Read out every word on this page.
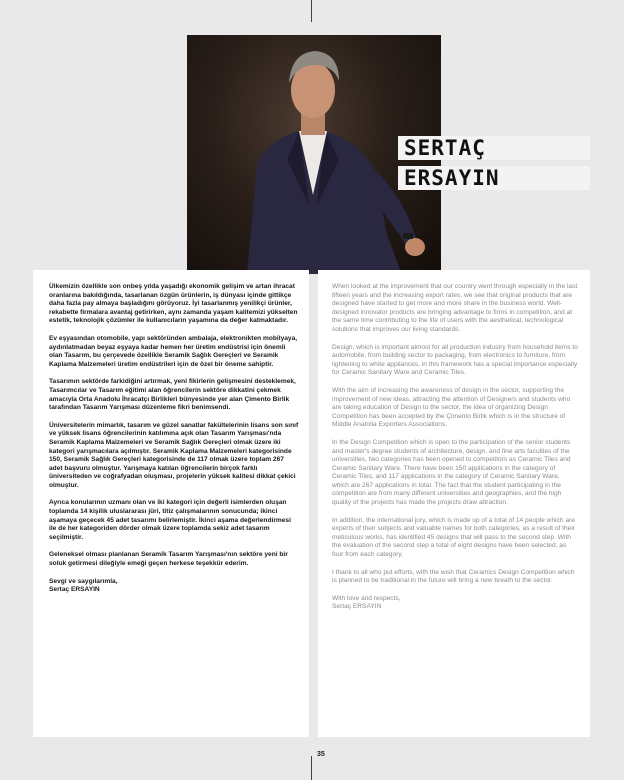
SERTAÇ
ERSAYIN

Ülkemizin özellikle son onbeş yılda yaşadığı ekonomik gelişim ve artan ihracat oranlarına bakıldığında, tasarlanan özgün ürünlerin, iş dünyası içinde gittikçe daha fazla pay almaya başladığını görüyoruz. İyi tasarlanmış yenilikçi ürünler, rekabette firmalara avantaj getirirken, aynı zamanda yaşam kalitemizi yükselten estetik, teknolojik çözümler ile kullanıcıların yaşamına da değer katmaktadır.

Ev eşyasından otomobile, yapı sektöründen ambalaja, elektronikten mobilyaya, aydınlatmadan beyaz eşyaya kadar hemen her üretim endüstrisi için önemli olan Tasarım, bu çerçevede özellikle Seramik Sağlık Gereçleri ve Seramik Kaplama Malzemeleri üretim endüstrileri için de özel bir öneme sahiptir.

Tasarımın sektörde farkidiğini artırmak, yeni fikirlerin gelişmesini desteklemek, Tasarımcılar ve Tasarım eğitimi alan öğrencilerin sektöre dikkatini çekmek amacıyla Orta Anadolu İhracatçı Birlikleri bünyesinde yer alan Çimento Birlik tarafından Tasarım Yarışması düzenleme fikri benimsendi.

Üniversitelerin mimarlık, tasarım ve güzel sanatlar fakültelerinin lisans son sınıf ve yüksek lisans öğrencilerinin katılımına açık olan Tasarım Yarışması'nda Seramik Kaplama Malzemeleri ve Seramik Sağlık Gereçleri olmak üzere iki kategori yarışmacılara açılmıştır. Seramik Kaplama Malzemeleri kategorisinde 150, Seramik Sağlık Gereçleri kategorisinde de 117 olmak üzere toplam 267 adet başvuru olmuştur. Yarışmaya katılan öğrencilerin birçok farklı üniversiteden ve coğrafyadan oluşması, projelerin yüksek kalitesi dikkat çekici olmuştur.

Ayrıca konularının uzmanı olan ve iki kategori için değerli isimlerden oluşan toplamda 14 kişilik uluslararası jüri, titiz çalışmalarının sonucunda; ikinci aşamaya geçecek 45 adet tasarımı belirlemiştir. İkinci aşama değerlendirmesi ile de her kategoriden dörder olmak üzere toplamda sekiz adet tasarım seçilmiştir.

Geleneksel olması planlanan Seramik Tasarım Yarışması'nın sektöre yeni bir soluk getirmesi dileğiyle emeği geçen herkese teşekkür ederim.

Sevgi ve saygılarımla,
Sertaç ERSAYIN

When looked at the improvement that our country went through especially in the last fifteen years and the increasing export rates, we see that original products that are designed have started to get more and more share in the business world. Well-designed innovator products are bringing advantage to firms in competition, and at the same time contributing to the life of users with the aesthetical, technological solutions that improves our living standards.

Design, which is important almost for all production industry from household items to automobile, from building sector to packaging, from electronics to furniture, from lightening to white appliances, in this framework has a special importance especially for Ceramic Sanitary Ware and Ceramic Tiles.

With the aim of increasing the awareness of design in the sector, supporting the improvement of new ideas, attracting the attention of Designers and students who are taking education of Design to the sector, the idea of organizing Design Competition has been accepted by the Çimento Birlik which is in the structure of Middle Anatolia Exporters Associations.

In the Design Competition which is open to the participation of the senior students and master's degree students of architecture, design, and fine arts faculties of the universities, two categories has been opened to competitors as Ceramic Tiles and Ceramic Sanitary Ware. There have been 150 applications in the category of Ceramic Tiles, and 117 applications in the category of Ceramic Sanitary Ware, which are 267 applications in total. The fact that the student participating in the competition are from many different universities and geographies, and the high quality of the projects has made the projects draw attraction.

In addition, the international jury, which is made up of a total of 14 people which are experts of their subjects and valuable names for both categories, as a result of their meticulous works, has identified 45 designs that will pass to the second step. With the evaluation of the second step a total of eight designs have been selected, as four from each category.

I thank to all who put efforts, with the wish that Ceramics Design Competition which is planned to be traditional in the future will bring a new breath to the sector.

With love and respects,
Sertaç ERSAYIN

35
